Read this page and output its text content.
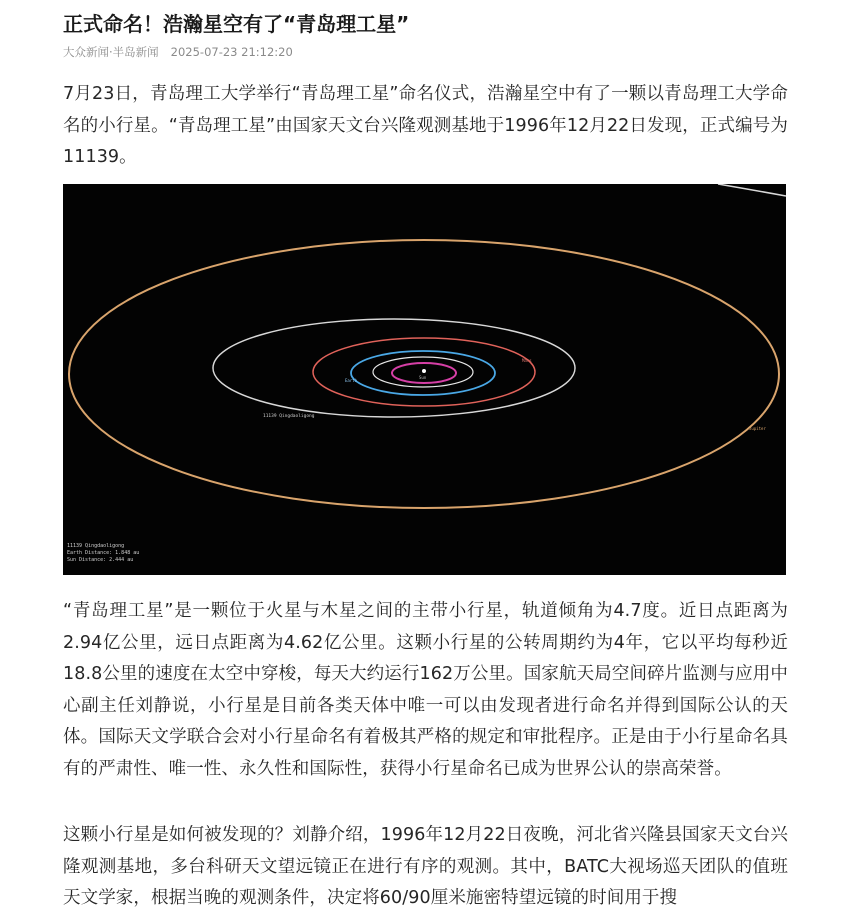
正式命名！浩瀚星空有了“青岛理工星”
大众新闻·半岛新闻 2025-07-23 21:12:20

7月23日，青岛理工大学举行“青岛理工星”命名仪式，浩瀚星空中有了一颗以青岛理工大学命名的小行星。“青岛理工星”由国家天文台兴隆观测基地于1996年12月22日发现，正式编号为11139。

Sun
Earth
Mars
Jupiter
11139 Qingdaoligong
11139 Qingdaoligong
Earth Distance: 1.848 au
Sun Distance: 2.444 au

“青岛理工星”是一颗位于火星与木星之间的主带小行星，轨道倾角为4.7度。近日点距离为2.94亿公里，远日点距离为4.62亿公里。这颗小行星的公转周期约为4年，它以平均每秒近18.8公里的速度在太空中穿梭，每天大约运行162万公里。国家航天局空间碎片监测与应用中心副主任刘静说，小行星是目前各类天体中唯一可以由发现者进行命名并得到国际公认的天体。国际天文学联合会对小行星命名有着极其严格的规定和审批程序。正是由于小行星命名具有的严肃性、唯一性、永久性和国际性，获得小行星命名已成为世界公认的崇高荣誉。

这颗小行星是如何被发现的？刘静介绍，1996年12月22日夜晚，河北省兴隆县国家天文台兴隆观测基地，多台科研天文望远镜正在进行有序的观测。其中，BATC大视场巡天团队的值班天文学家，根据当晚的观测条件，决定将60/90厘米施密特望远镜的时间用于搜
